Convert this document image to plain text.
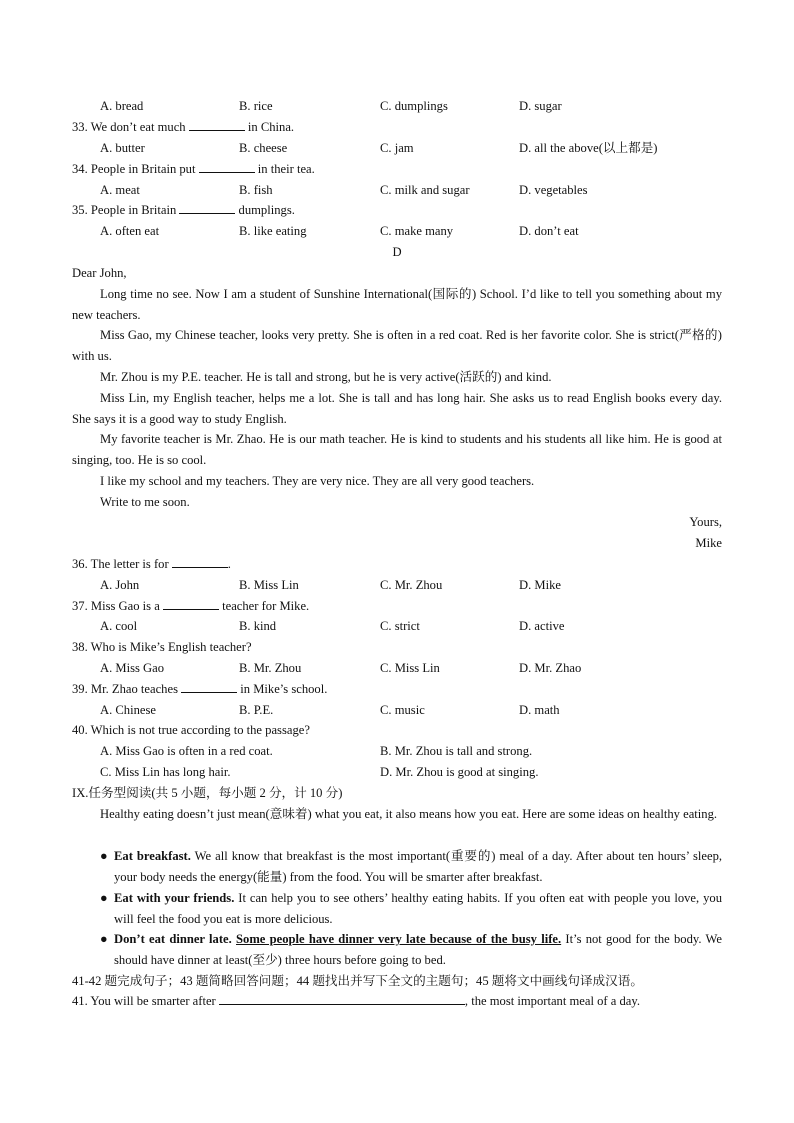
A. bread	B. rice	C. dumplings	D. sugar
33. We don’t eat much	in China.
A. butter	B. cheese	C. jam	D. all the above(以上都是)
34. People in Britain put	in their tea.
A. meat	B. fish	C. milk and sugar	D. vegetables
35. People in Britain	dumplings.
A. often eat	B. like eating	C. make many	D. don’t eat
D
Dear John,
Long time no see. Now I am a student of Sunshine International(国际的) School. I’d like to tell you something about my new teachers.
Miss Gao, my Chinese teacher, looks very pretty. She is often in a red coat. Red is her favorite color. She is strict(严格的) with us.
Mr. Zhou is my P.E. teacher. He is tall and strong, but he is very active(活跃的) and kind.
Miss Lin, my English teacher, helps me a lot. She is tall and has long hair. She asks us to read English books every day. She says it is a good way to study English.
My favorite teacher is Mr. Zhao. He is our math teacher. He is kind to students and his students all like him. He is good at singing, too. He is so cool.
I like my school and my teachers. They are very nice. They are all very good teachers.
Write to me soon.
Yours,
Mike
36. The letter is for	.
A. John	B. Miss Lin	C. Mr. Zhou	D. Mike
37. Miss Gao is a	teacher for Mike.
A. cool	B. kind	C. strict	D. active
38. Who is Mike’s English teacher?
A. Miss Gao	B. Mr. Zhou	C. Miss Lin	D. Mr. Zhao
39. Mr. Zhao teaches	in Mike’s school.
A. Chinese	B. P.E.	C. music	D. math
40. Which is not true according to the passage?
A. Miss Gao is often in a red coat.	B. Mr. Zhou is tall and strong.
C. Miss Lin has long hair.	D. Mr. Zhou is good at singing.
IX.任务型阅读(共 5 小题，每小题 2 分，计 10 分)
Healthy eating doesn’t just mean(意味着) what you eat, it also means how you eat. Here are some ideas on healthy eating.
● Eat breakfast. We all know that breakfast is the most important(重要的) meal of a day. After about ten hours’ sleep, your body needs the energy(能量) from the food. You will be smarter after breakfast.
● Eat with your friends. It can help you to see others’ healthy eating habits. If you often eat with people you love, you will feel the food you eat is more delicious.
● Don’t eat dinner late. Some people have dinner very late because of the busy life. It’s not good for the body. We should have dinner at least(至少) three hours before going to bed.
41-42 题完成句子；43 题简略回答问题；44 题找出并写下全文的主题句；45 题将文中画线句译成汉语。
41. You will be smarter after	, the most important meal of a day.
